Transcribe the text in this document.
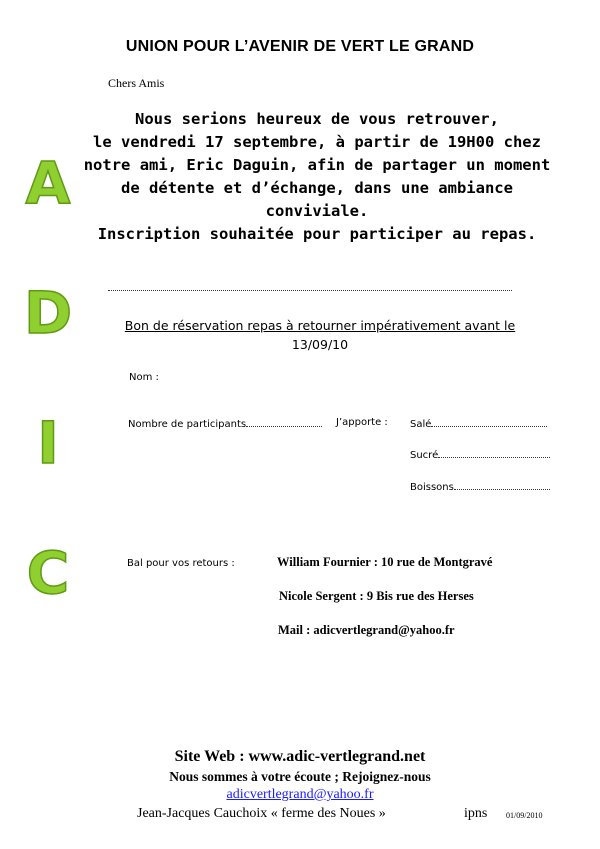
UNION POUR L’AVENIR DE VERT LE GRAND
Chers Amis
Nous serions heureux de vous retrouver,
le vendredi 17 septembre, à partir de 19H00 chez
notre ami, Eric Daguin, afin de partager un moment
de détente et d’échange, dans une ambiance
conviviale.
Inscription souhaitée pour participer au repas.
A
D
I
C
Bon de réservation repas à retourner impérativement avant le
13/09/10
Nom :
Nombre de participants	J’apporte : Salé
Sucré
Boissons
Bal pour vos retours :	William Fournier : 10 rue de Montgravé
Nicole Sergent : 9 Bis rue des Herses
Mail : adicvertlegrand@yahoo.fr
Site Web : www.adic-vertlegrand.net
Nous sommes à votre écoute ; Rejoignez-nous
adicvertlegrand@yahoo.fr
Jean-Jacques Cauchoix « ferme des Noues »	ipns 01/09/2010
